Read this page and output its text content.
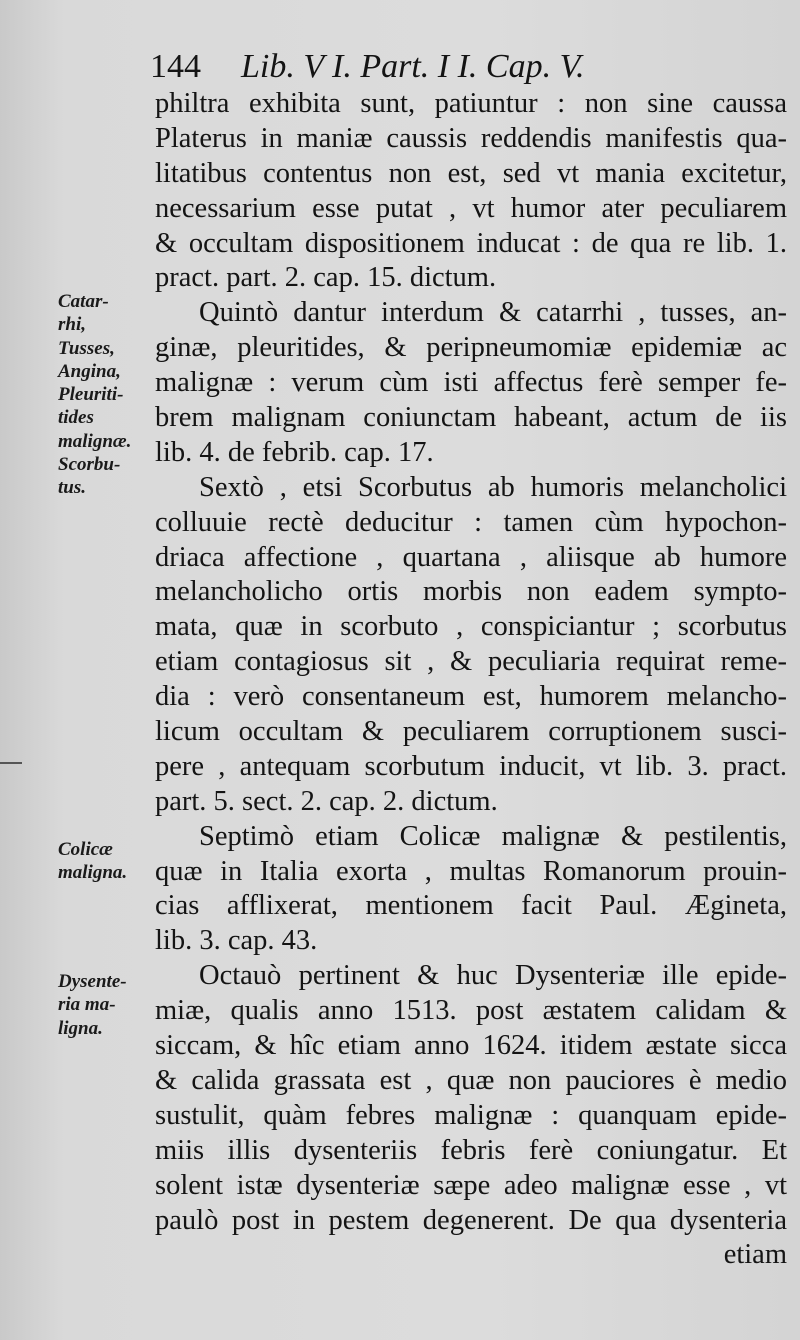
144 Lib. V I. Part. I I. Cap. V.
philtra exhibita sunt, patiuntur : non sine caussa
Platerus in maniæ caussis reddendis manifestis qua-
litatibus contentus non est, sed vt mania excitetur,
necessarium esse putat , vt humor ater peculiarem
& occultam dispositionem inducat : de qua re lib. 1.
pract. part. 2. cap. 15. dictum.
Quintò dantur interdum & catarrhi , tusses, an-
ginæ, pleuritides, & peripneumomiæ epidemiæ ac
malignæ : verum cùm isti affectus ferè semper fe-
brem malignam coniunctam habeant, actum de iis
lib. 4. de febrib. cap. 17.
Sextò , etsi Scorbutus ab humoris melancholici
colluuie rectè deducitur : tamen cùm hypochon-
driaca affectione , quartana , aliisque ab humore
melancholicho ortis morbis non eadem sympto-
mata, quæ in scorbuto , conspiciantur ; scorbutus
etiam contagiosus sit , & peculiaria requirat reme-
dia : verò consentaneum est, humorem melancho-
licum occultam & peculiarem corruptionem susci-
pere , antequam scorbutum inducit, vt lib. 3. pract.
part. 5. sect. 2. cap. 2. dictum.
Septimò etiam Colicæ malignæ & pestilentis,
quæ in Italia exorta , multas Romanorum prouin-
cias afflixerat, mentionem facit Paul. Ægineta,
lib. 3. cap. 43.
Octauò pertinent & huc Dysenteriæ ille epide-
miæ, qualis anno 1513. post æstatem calidam &
siccam, & hîc etiam anno 1624. itidem æstate sicca
& calida grassata est , quæ non pauciores è medio
sustulit, quàm febres malignæ : quanquam epide-
miis illis dysenteriis febris ferè coniungatur. Et
solent istæ dysenteriæ sæpe adeo malignæ esse , vt
paulò post in pestem degenerent. De qua dysenteria
etiam
Catar-
rhi,
Tusses,
Angina,
Pleuriti-
tides
malignæ.
Scorbu-
tus.
Colicæ
maligna.
Dysente-
ria ma-
ligna.
